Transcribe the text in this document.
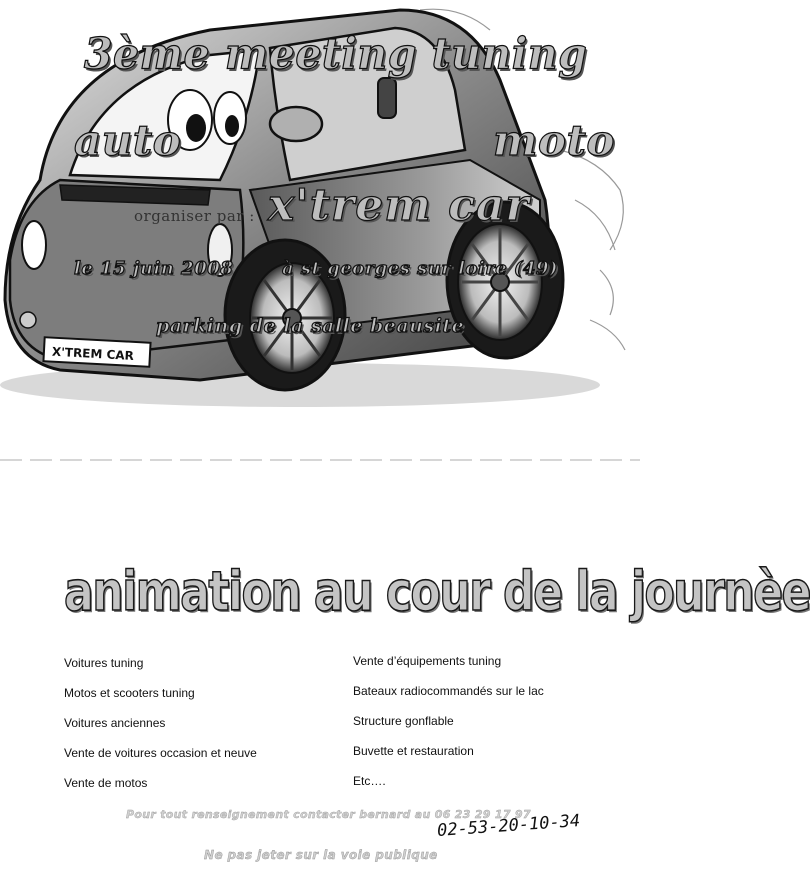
X'TREM CAR
3ème meeting tuning
auto	moto
organiser par : x'trem car
le 15 juin 2008	à st georges sur loire (49)
parking de la salle beausite
animation au cour de la journèe
Voitures tuning
Motos et scooters tuning
Voitures anciennes
Vente de voitures occasion et neuve
Vente de motos
Vente d’équipements tuning
Bateaux radiocommandés sur le lac
Structure gonflable
Buvette et restauration
Etc….
Pour tout renseignement contacter bernard au 06 23 29 17 97
02-53-20-10-34
Ne pas jeter sur la voie publique
